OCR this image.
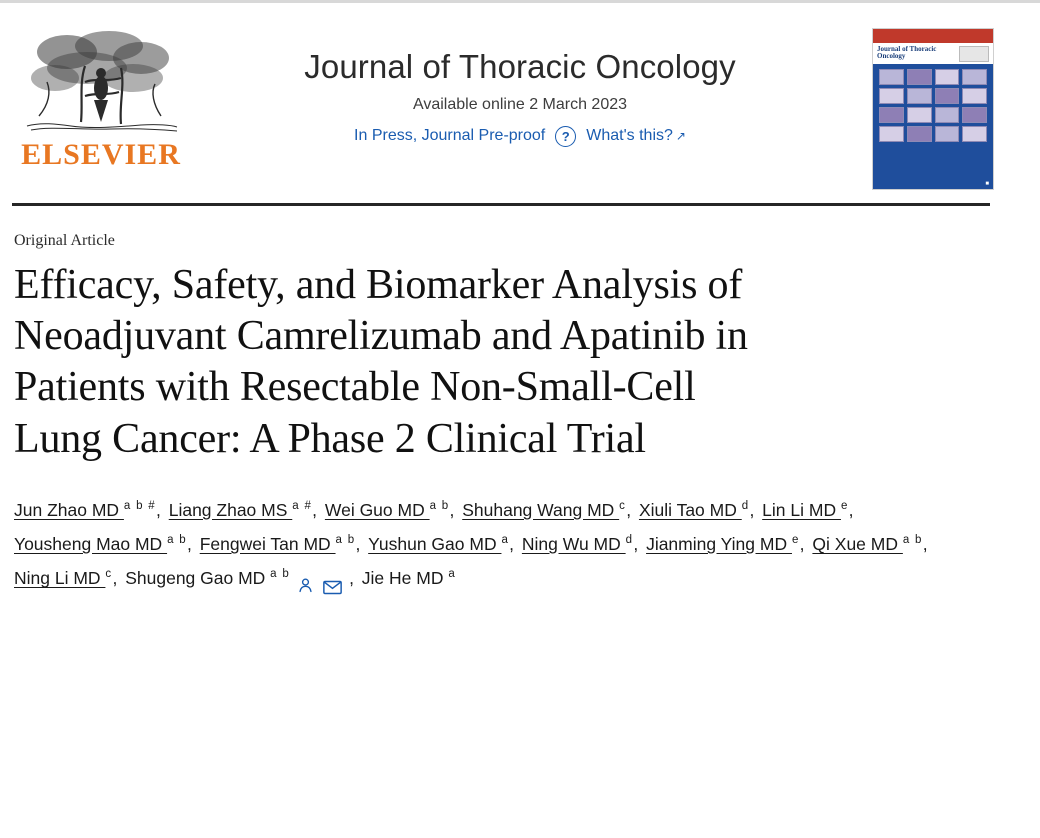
ELSEVIER
Journal of Thoracic Oncology
Available online 2 March 2023
In Press, Journal Pre-proof	?	What's this? ↗
Journal of Thoracic Oncology
■
Original Article
Efficacy, Safety, and Biomarker Analysis of Neoadjuvant Camrelizumab and Apatinib in Patients with Resectable Non-Small-Cell Lung Cancer: A Phase 2 Clinical Trial
Jun Zhao MD $^{a b \#}$, Liang Zhao MS $^{a \#}$, Wei Guo MD $^{a b}$, Shuhang Wang MD $^c$, Xiuli Tao MD $^d$, Lin Li MD $^e$, Yousheng Mao MD $^{a b}$, Fengwei Tan MD $^{a b}$, Yushun Gao MD $^a$, Ning Wu MD $^d$, Jianming Ying MD $^e$, Qi Xue MD $^{a b}$, Ning Li MD $^c$, Shugeng Gao MD $^{a b}$	, Jie He MD $^a$
